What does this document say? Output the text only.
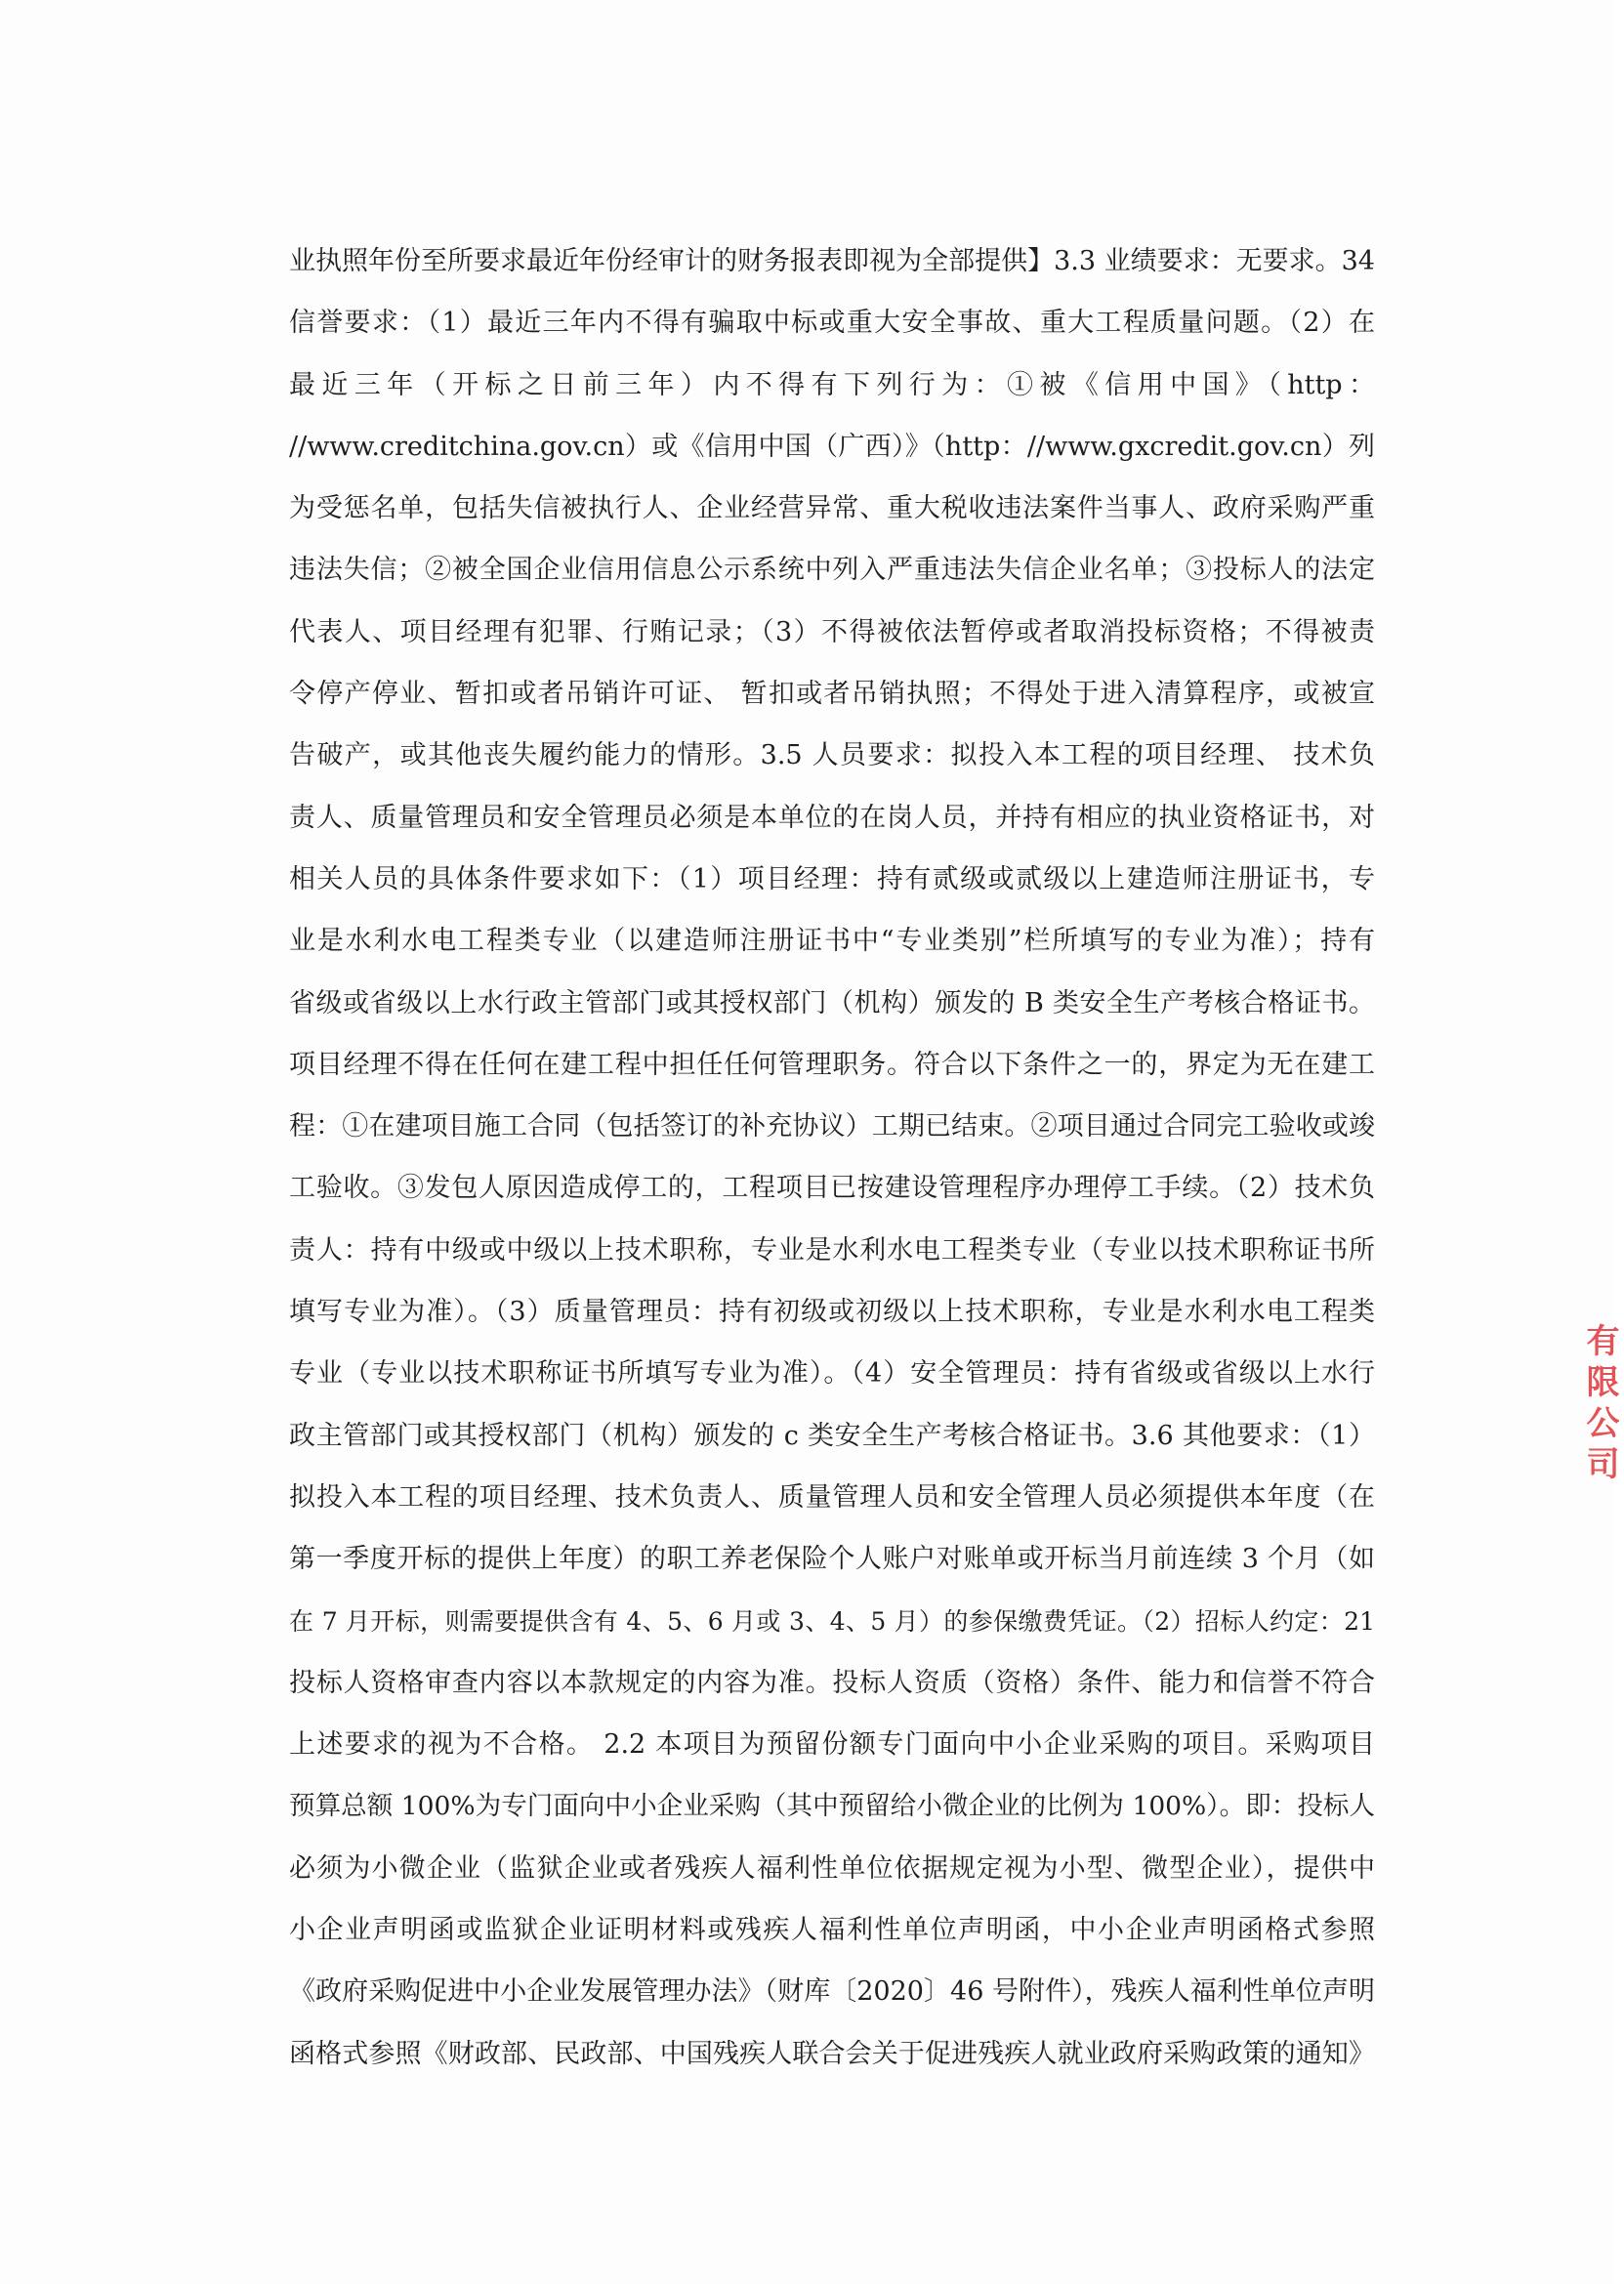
业执照年份至所要求最近年份经审计的财务报表即视为全部提供】3.3 业绩要求：无要求。34
信誉要求：（1）最近三年内不得有骗取中标或重大安全事故、重大工程质量问题。（2）在
最近三年（开标之日前三年）内不得有下列行为：①被《信用中国》（http：
//www.creditchina.gov.cn）或《信用中国（广西）》（http：//www.gxcredit.gov.cn）列
为受惩名单，包括失信被执行人、企业经营异常、重大税收违法案件当事人、政府采购严重
违法失信；②被全国企业信用信息公示系统中列入严重违法失信企业名单；③投标人的法定
代表人、项目经理有犯罪、行贿记录；（3）不得被依法暂停或者取消投标资格；不得被责
令停产停业、暂扣或者吊销许可证、 暂扣或者吊销执照；不得处于进入清算程序，或被宣
告破产，或其他丧失履约能力的情形。3.5 人员要求：拟投入本工程的项目经理、 技术负
责人、质量管理员和安全管理员必须是本单位的在岗人员，并持有相应的执业资格证书，对
相关人员的具体条件要求如下：（1）项目经理：持有贰级或贰级以上建造师注册证书，专
业是水利水电工程类专业（以建造师注册证书中“专业类别”栏所填写的专业为准）；持有
省级或省级以上水行政主管部门或其授权部门（机构）颁发的 B 类安全生产考核合格证书。
项目经理不得在任何在建工程中担任任何管理职务。符合以下条件之一的，界定为无在建工
程：①在建项目施工合同（包括签订的补充协议）工期已结束。②项目通过合同完工验收或竣
工验收。③发包人原因造成停工的，工程项目已按建设管理程序办理停工手续。（2）技术负
责人：持有中级或中级以上技术职称，专业是水利水电工程类专业（专业以技术职称证书所
填写专业为准）。（3）质量管理员：持有初级或初级以上技术职称，专业是水利水电工程类
专业（专业以技术职称证书所填写专业为准）。（4）安全管理员：持有省级或省级以上水行
政主管部门或其授权部门（机构）颁发的 c 类安全生产考核合格证书。3.6 其他要求：（1）
拟投入本工程的项目经理、技术负责人、质量管理人员和安全管理人员必须提供本年度（在
第一季度开标的提供上年度）的职工养老保险个人账户对账单或开标当月前连续 3 个月（如
在 7 月开标，则需要提供含有 4、5、6 月或 3、4、5 月）的参保缴费凭证。（2）招标人约定：21
投标人资格审查内容以本款规定的内容为准。投标人资质（资格）条件、能力和信誉不符合
上述要求的视为不合格。 2.2 本项目为预留份额专门面向中小企业采购的项目。采购项目
预算总额 100%为专门面向中小企业采购（其中预留给小微企业的比例为 100%）。即：投标人
必须为小微企业（监狱企业或者残疾人福利性单位依据规定视为小型、微型企业），提供中
小企业声明函或监狱企业证明材料或残疾人福利性单位声明函，中小企业声明函格式参照
《政府采购促进中小企业发展管理办法》（财库〔2020〕46 号附件），残疾人福利性单位声明
函格式参照《财政部、民政部、中国残疾人联合会关于促进残疾人就业政府采购政策的通知》
有限公司
